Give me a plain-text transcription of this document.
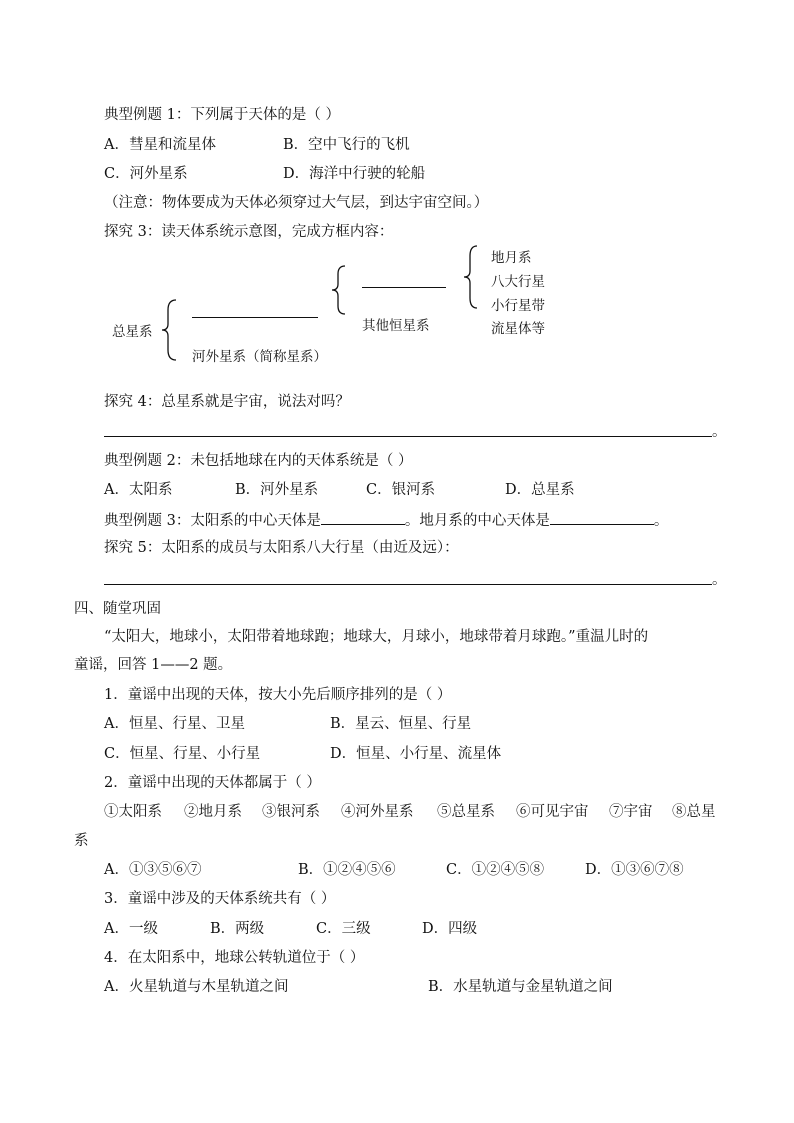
典型例题 1：下列属于天体的是（ ）
A．彗星和流星体	B．空中飞行的飞机
C．河外星系	D．海洋中行驶的轮船
（注意：物体要成为天体必须穿过大气层，到达宇宙空间。）
探究 3：读天体系统示意图，完成方框内容：
总星系
河外星系（简称星系）
其他恒星系
地月系
八大行星
小行星带
流星体等
探究 4：总星系就是宇宙，说法对吗？
。
典型例题 2：未包括地球在内的天体系统是（ ）
A．太阳系	B．河外星系	C．银河系	D．总星系
典型例题 3：太阳系的中心天体是	。地月系的中心天体是	。
探究 5：太阳系的成员与太阳系八大行星（由近及远）：
。
四、随堂巩固
“太阳大，地球小，太阳带着地球跑；地球大，月球小，地球带着月球跑。”重温儿时的
童谣，回答 1——2 题。
1．童谣中出现的天体，按大小先后顺序排列的是（ ）
A．恒星、行星、卫星	B．星云、恒星、行星
C．恒星、行星、小行星	D．恒星、小行星、流星体
2．童谣中出现的天体都属于（ ）
①太阳系 ②地月系 ③银河系 ④河外星系 ⑤总星系 ⑥可见宇宙 ⑦宇宙 ⑧总星
系
A．①③⑤⑥⑦	B．①②④⑤⑥	C．①②④⑤⑧	D．①③⑥⑦⑧
3．童谣中涉及的天体系统共有（ ）
A．一级	B．两级	C．三级	D．四级
4．在太阳系中，地球公转轨道位于（ ）
A．火星轨道与木星轨道之间	B．水星轨道与金星轨道之间
